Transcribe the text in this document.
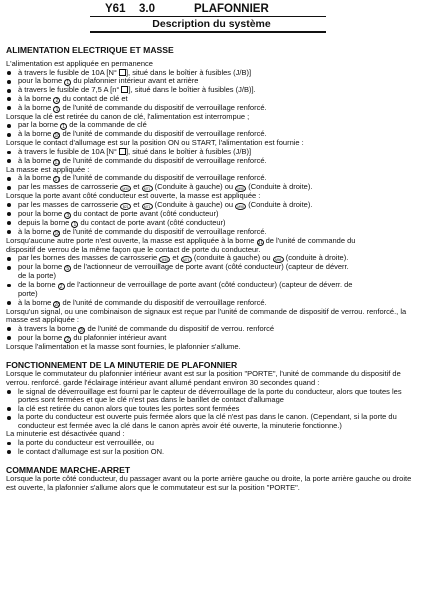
Y61 3.0	PLAFONNIER
Description du système
ALIMENTATION ELECTRIQUE ET MASSE

L'alimentation est appliquée en permanence

à travers le fusible de 10A [N° ], situé dans le boîtier à fusibles (J/B)]

pour la borne 1 du plafonnier intérieur avant et arrière

à travers le fusible de 7,5 A [n° ], situé dans le boîtier à fusibles (J/B)].

à la borne 2 du contact de clé et

à la borne 1 de l'unité de commande du dispositif de verrouillage renforcé.

Lorsque la clé est retirée du canon de clé, l'alimentation est interrompue ;

par la borne 1 de la commande de clé

à la borne 18 de l'unité de commande du dispositif de verrouillage renforcé.

Lorsque le contact d'allumage est sur la position ON ou START, l'alimentation est fournie :

à travers le fusible de 10A [N° ], situé dans le boîtier à fusibles (J/B)]

à la borne 11 de l'unité de commande du dispositif de verrouillage renforcé.

La masse est appliquée :

à la borne 17 de l'unité de commande du dispositif de verrouillage renforcé.

par les masses de carrosserie M30 et M71 (Conduite à gauche) ou M98 (Conduite à droite).

Lorsque la porte avant côté conducteur est ouverte, la masse est appliquée :

par les masses de carrosserie B21 et M71 (Conduite à gauche) ou M98 (Conduite à droite).

pour la borne 3 du contact de porte avant (côté conducteur)

depuis la borne 1 du contact de porte avant (côté conducteur)

à la borne 18 de l'unité de commande du dispositif de verrouillage renforcé.

Lorsqu'aucune autre porte n'est ouverte, la masse est appliquée à la borne 31 de l'unité de commande du

dispositif de verrou de la même façon que le contact de porte du conducteur.

par les bornes des masses de carrosserie M30 et M71 (conduite à gauche) ou M98 (conduite à droite).

pour la borne 5 de l'actionneur de verrouillage de porte avant (côté conducteur) (capteur de déverr.
de la porte)

de la borne 2 de l'actionneur de verrouillage de porte avant (côté conducteur) (capteur de déverr. de
porte)

à la borne 28 de l'unité de commande du dispositif de verrouillage renforcé.

Lorsqu'un signal, ou une combinaison de signaux est reçue par l'unité de commande de dispositif de verrou. renforcé., la masse est appliquée :

à travers la borne 26 de l'unité de commande du dispositif de verrou. renforcé

pour la borne 2 du plafonnier intérieur avant

Lorsque l'alimentation et la masse sont fournies, le plafonnier s'allume.

FONCTIONNEMENT DE LA MINUTERIE DE PLAFONNIER

Lorsque le commutateur du plafonnier intérieur avant est sur la position "PORTE", l'unité de commande du dispositif de verrou. renforcé. garde l'éclairage intérieur avant allumé pendant environ 30 secondes quand :

le signal de déverrouillage est fourni par le capteur de déverrouillage de la porte du conducteur, alors que toutes les portes sont fermées et que le clé n'est pas dans le barillet de contact d'allumage

la clé est retirée du canon alors que toutes les portes sont fermées

la porte du conducteur est ouverte puis fermée alors que la clé n'est pas dans le canon. (Cependant, si la porte du conducteur est fermée avec la clé dans le canon après avoir été ouverte, la minuterie fonctionne.)

La minuterie est désactivée quand :

la porte du conducteur est verrouillée, ou

le contact d'allumage est sur la position ON.

COMMANDE MARCHE-ARRET

Lorsque la porte côté conducteur, du passager avant ou la porte arrière gauche ou droite, la porte arrière gauche ou droite est ouverte, la plafonnier s'allume alors que le commutateur est sur la position "PORTE".
